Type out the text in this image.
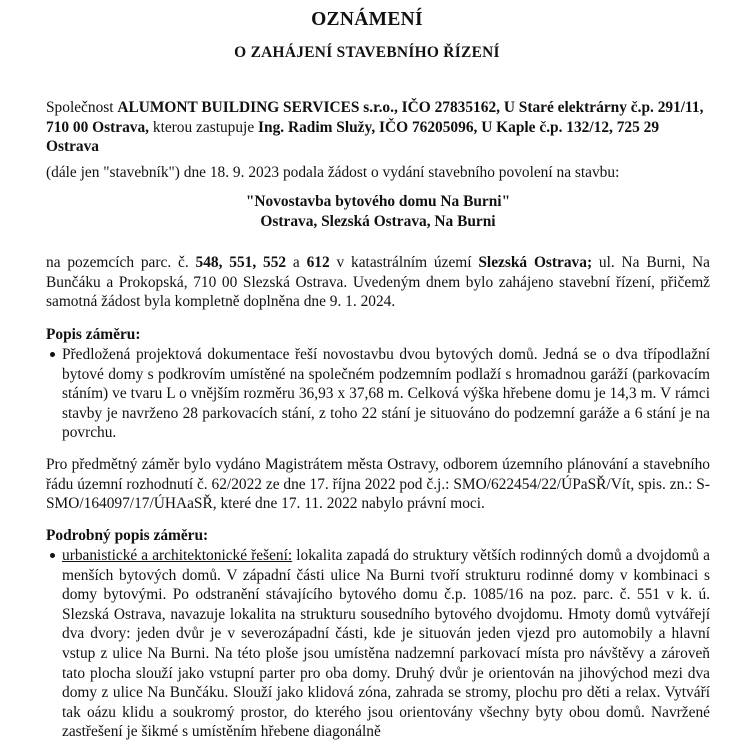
OZNÁMENÍ
O ZAHÁJENÍ STAVEBNÍHO ŘÍZENÍ

Společnost ALUMONT BUILDING SERVICES s.r.o., IČO 27835162, U Staré elektrárny č.p. 291/11, 710 00 Ostrava, kterou zastupuje Ing. Radim Služy, IČO 76205096, U Kaple č.p. 132/12, 725 29 Ostrava

(dále jen "stavebník") dne 18. 9. 2023 podala žádost o vydání stavebního povolení na stavbu:

"Novostavba bytového domu Na Burni"
Ostrava, Slezská Ostrava, Na Burni

na pozemcích parc. č. 548, 551, 552 a 612 v katastrálním území Slezská Ostrava; ul. Na Burni, Na Bunčáku a Prokopská, 710 00 Slezská Ostrava. Uvedeným dnem bylo zahájeno stavební řízení, přičemž samotná žádost byla kompletně doplněna dne 9. 1. 2024.

Popis záměru:
Předložená projektová dokumentace řeší novostavbu dvou bytových domů. Jedná se o dva třípodlažní bytové domy s podkrovím umístěné na společném podzemním podlaží s hromadnou garáží (parkovacím stáním) ve tvaru L o vnějším rozměru 36,93 x 37,68 m. Celková výška hřebene domu je 14,3 m. V rámci stavby je navrženo 28 parkovacích stání, z toho 22 stání je situováno do podzemní garáže a 6 stání je na povrchu.

Pro předmětný záměr bylo vydáno Magistrátem města Ostravy, odborem územního plánování a stavebního řádu územní rozhodnutí č. 62/2022 ze dne 17. října 2022 pod č.j.: SMO/622454/22/ÚPaSŘ/Vít, spis. zn.: S-SMO/164097/17/ÚHAaSŘ, které dne 17. 11. 2022 nabylo právní moci.

Podrobný popis záměru:
urbanistické a architektonické řešení: lokalita zapadá do struktury větších rodinných domů a dvojdomů a menších bytových domů. V západní části ulice Na Burni tvoří strukturu rodinné domy v kombinaci s domy bytovými. Po odstranění stávajícího bytového domu č.p. 1085/16 na poz. parc. č. 551 v k. ú. Slezská Ostrava, navazuje lokalita na strukturu sousedního bytového dvojdomu. Hmoty domů vytvářejí dva dvory: jeden dvůr je v severozápadní části, kde je situován jeden vjezd pro automobily a hlavní vstup z ulice Na Burni. Na této ploše jsou umístěna nadzemní parkovací místa pro návštěvy a zároveň tato plocha slouží jako vstupní parter pro oba domy. Druhý dvůr je orientován na jihovýchod mezi dva domy z ulice Na Bunčáku. Slouží jako klidová zóna, zahrada se stromy, plochu pro děti a relax. Vytváří tak oázu klidu a soukromý prostor, do kterého jsou orientovány všechny byty obou domů. Navržené zastřešení je šikmé s umístěním hřebene diagonálně
